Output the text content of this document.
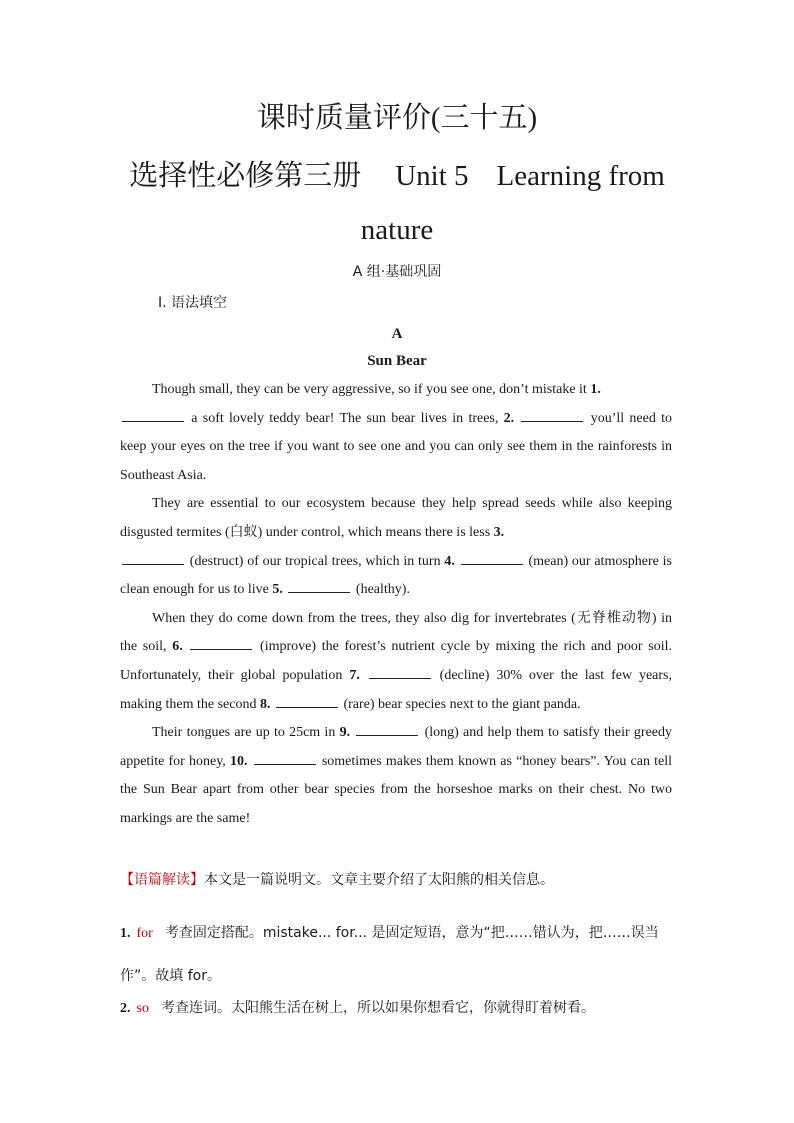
课时质量评价(三十五)
选择性必修第三册 Unit 5 Learning from
nature
A 组·基础巩固
Ⅰ. 语法填空
A
Sun Bear

Though small, they can be very aggressive, so if you see one, don’t mistake it 1.
a soft lovely teddy bear! The sun bear lives in trees, 2.	you’ll need to keep your eyes on the tree if you want to see one and you can only see them in the rainforests in Southeast Asia.

They are essential to our ecosystem because they help spread seeds while also keeping disgusted termites (白蚁) under control, which means there is less 3.
(destruct) of our tropical trees, which in turn 4.	(mean) our atmosphere is clean enough for us to live 5.	(healthy).

When they do come down from the trees, they also dig for invertebrates (无脊椎动物) in the soil, 6.	(improve) the forest’s nutrient cycle by mixing the rich and poor soil. Unfortunately, their global population 7.	(decline) 30% over the last few years, making them the second 8.	(rare) bear species next to the giant panda.

Their tongues are up to 25cm in 9.	(long) and help them to satisfy their greedy appetite for honey, 10.	sometimes makes them known as “honey bears”. You can tell the Sun Bear apart from other bear species from the horseshoe marks on their chest. No two markings are the same!

【语篇解读】本文是一篇说明文。文章主要介绍了太阳熊的相关信息。
1. for 考查固定搭配。mistake... for... 是固定短语，意为“把……错认为，把……误当作”。故填 for。
2. so 考查连词。太阳熊生活在树上，所以如果你想看它，你就得盯着树看。
